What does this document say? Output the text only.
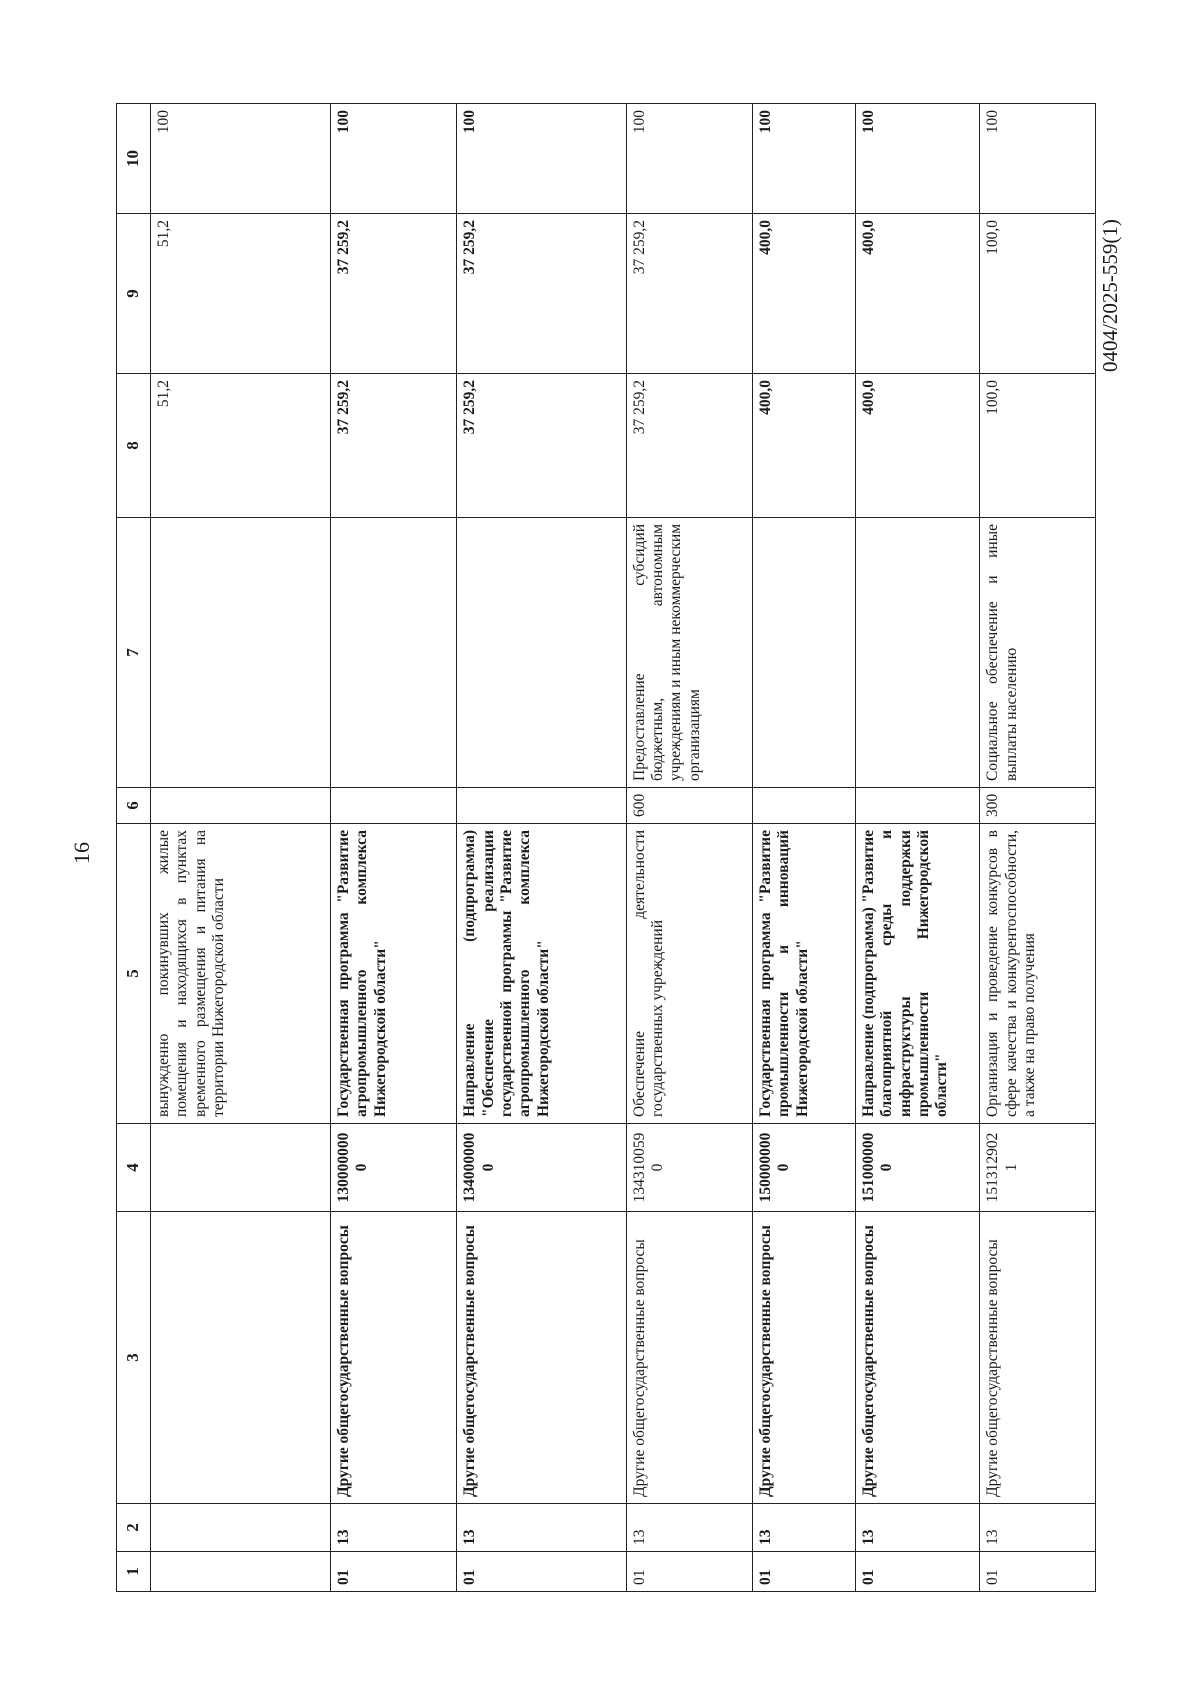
16
0404/2025-559(1)
1	2	3	4	5	6	7	8	9	10
				вынужденно покинувших жилые помещения и находящихся в пунктах временного размещения и питания на территории Нижегородской области			51,2	51,2	100
01	13	Другие общегосударственные вопросы	1300000000	Государственная программа "Развитие агропромышленного комплекса Нижегородской области"			37 259,2	37 259,2	100
01	13	Другие общегосударственные вопросы	1340000000	Направление (подпрограмма) "Обеспечение реализации государственной программы "Развитие агропромышленного комплекса Нижегородской области"			37 259,2	37 259,2	100
01	13	Другие общегосударственные вопросы	1343100590	Обеспечение деятельности государственных учреждений	600	Предоставление субсидий бюджетным, автономным учреждениям и иным некоммерческим организациям	37 259,2	37 259,2	100
01	13	Другие общегосударственные вопросы	1500000000	Государственная программа "Развитие промышленности и инноваций Нижегородской области"			400,0	400,0	100
01	13	Другие общегосударственные вопросы	1510000000	Направление (подпрограмма) "Развитие благоприятной среды и инфраструктуры поддержки промышленности Нижегородской области"			400,0	400,0	100
01	13	Другие общегосударственные вопросы	1513129021	Организация и проведение конкурсов в сфере качества и конкурентоспособности, а также на право получения	300	Социальное обеспечение и иные выплаты населению	100,0	100,0	100
